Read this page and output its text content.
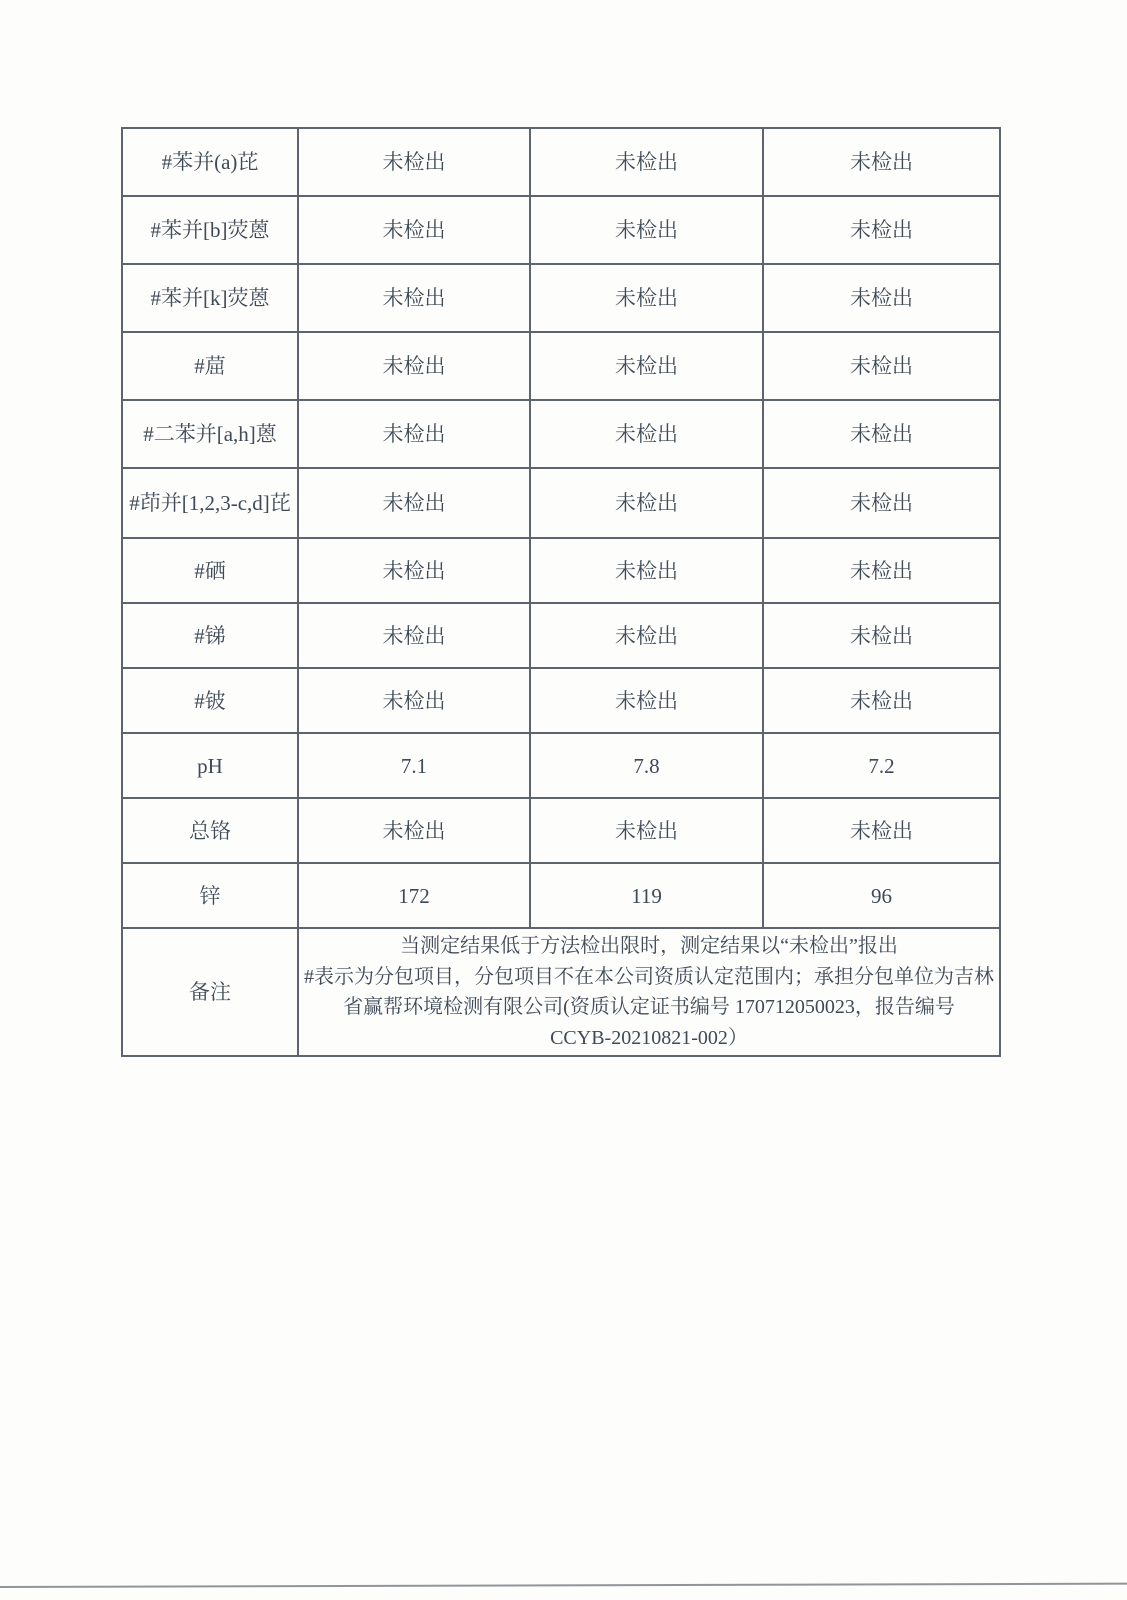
#苯并(a)芘	未检出	未检出	未检出
#苯并[b]荧蒽	未检出	未检出	未检出
#苯并[k]荧蒽	未检出	未检出	未检出
#䓛	未检出	未检出	未检出
#二苯并[a,h]蒽	未检出	未检出	未检出
#茚并[1,2,3-c,d]芘	未检出	未检出	未检出
#硒	未检出	未检出	未检出
#锑	未检出	未检出	未检出
#铍	未检出	未检出	未检出
pH	7.1	7.8	7.2
总铬	未检出	未检出	未检出
锌	172	119	96
备注	当测定结果低于方法检出限时，测定结果以“未检出”报出
#表示为分包项目，分包项目不在本公司资质认定范围内；承担分包单位为吉林
省赢帮环境检测有限公司(资质认定证书编号 170712050023，报告编号
CCYB-20210821-002）		
